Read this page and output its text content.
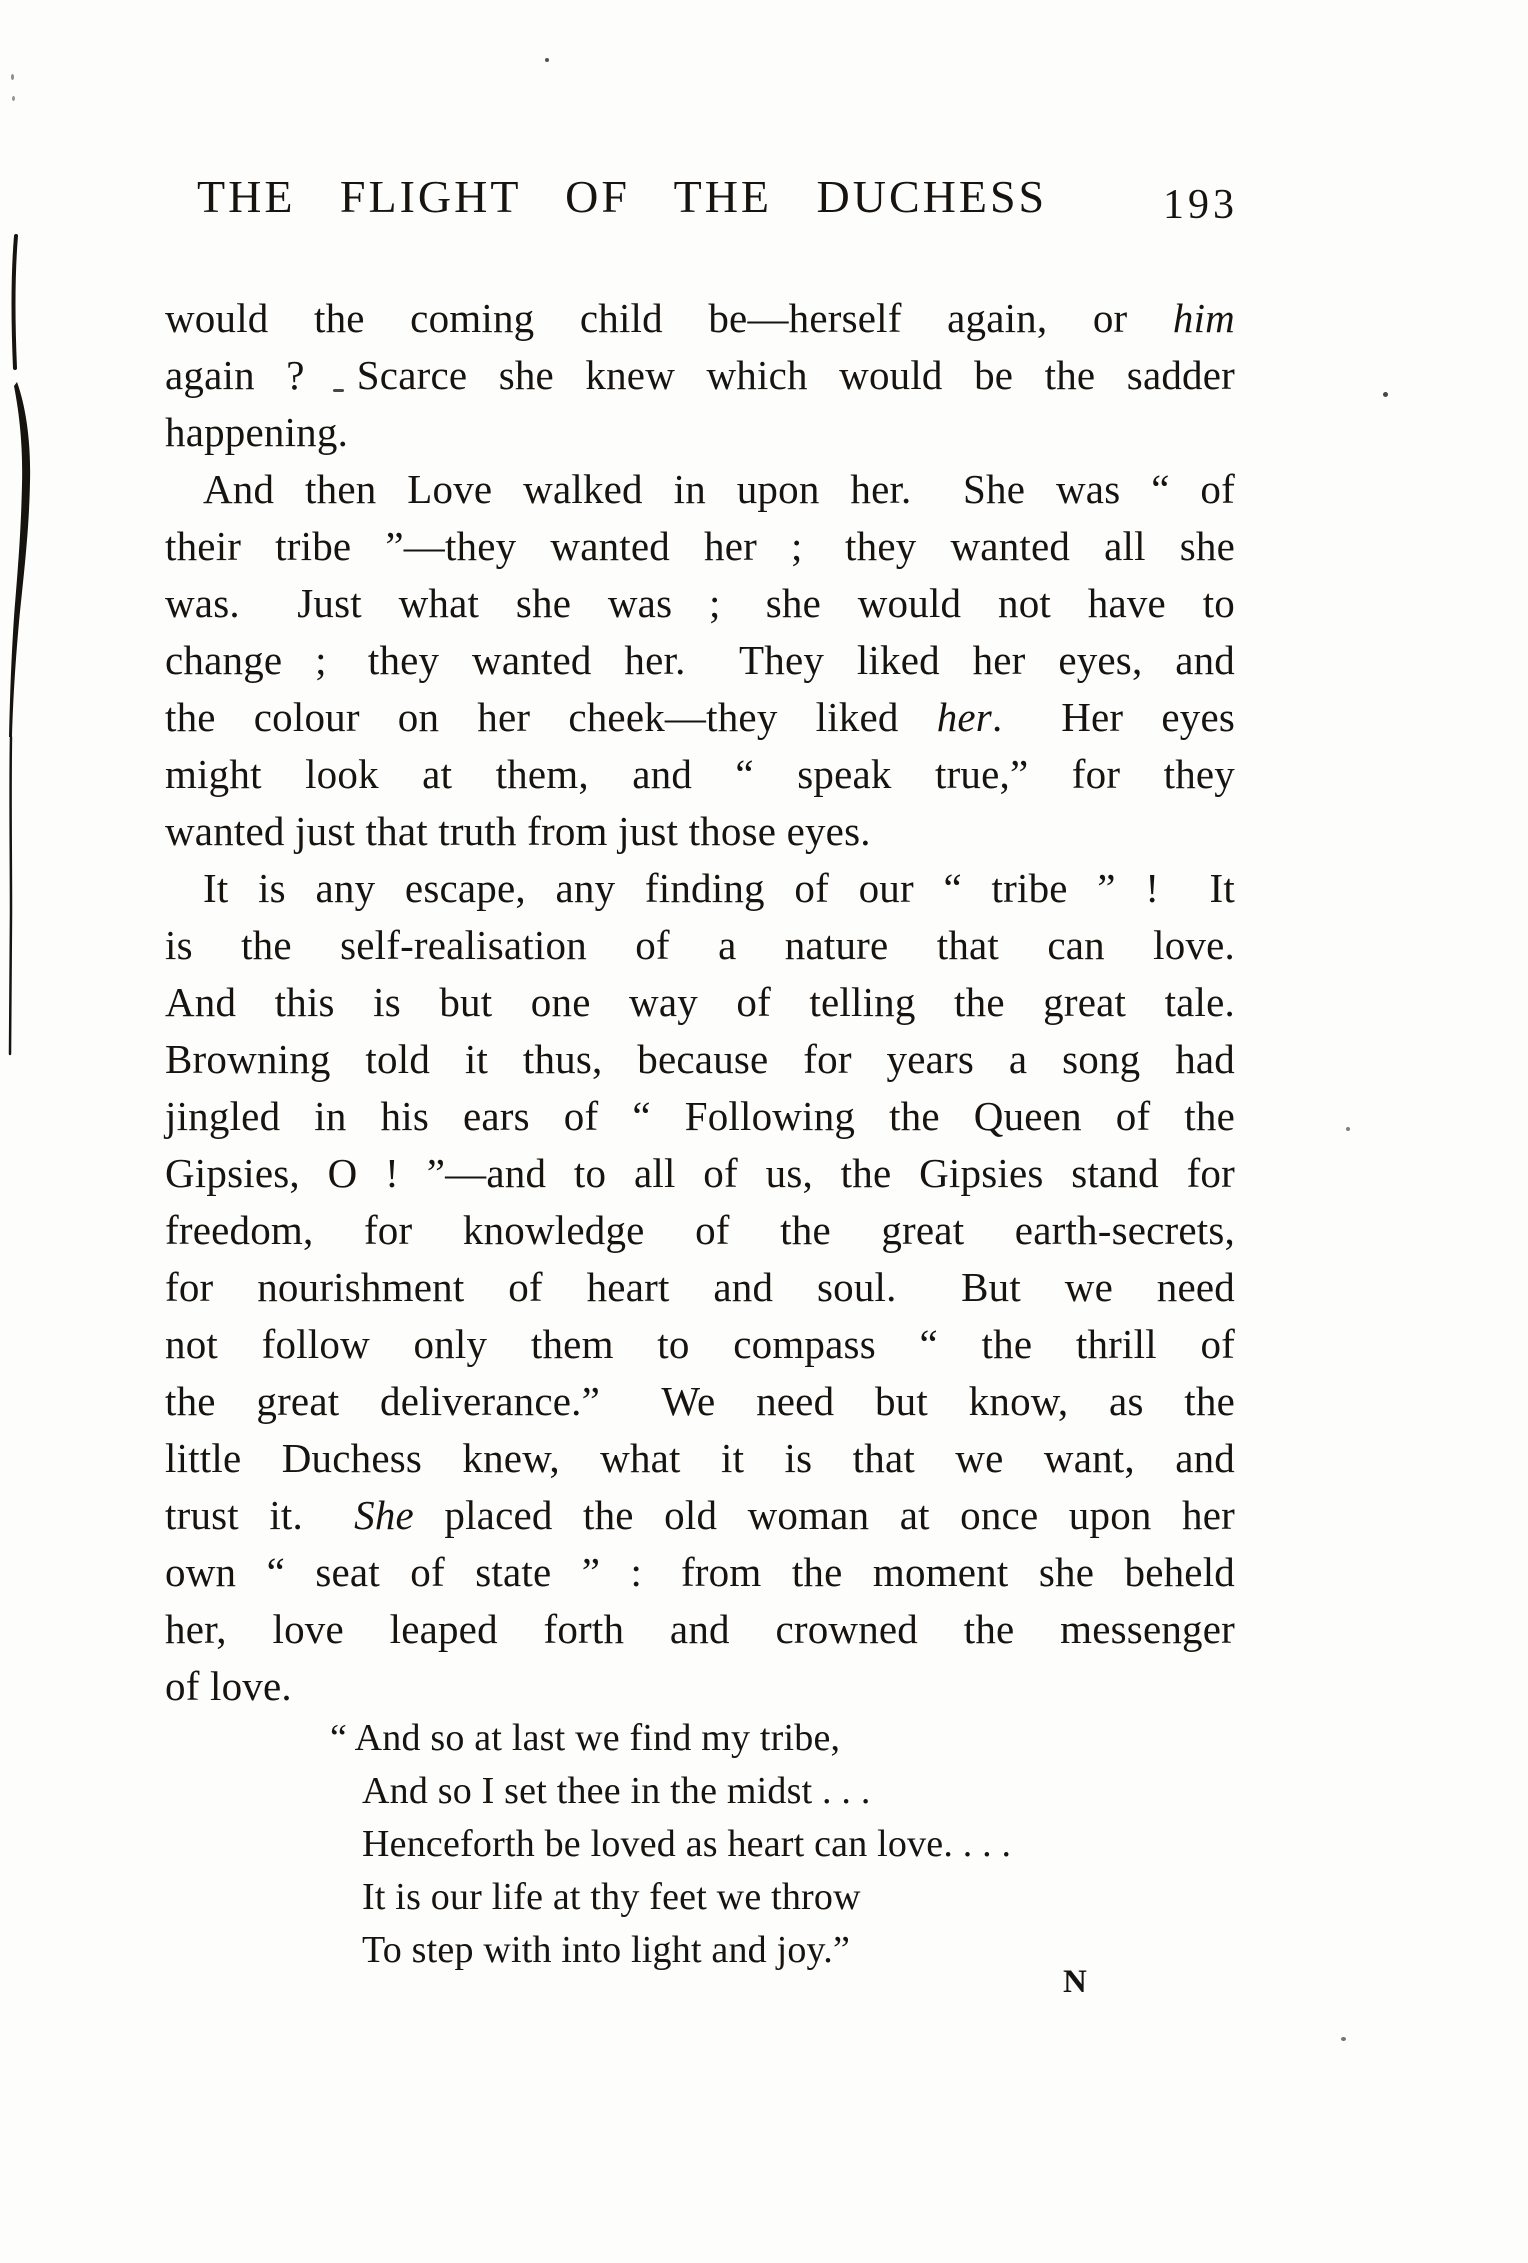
THE FLIGHT OF THE DUCHESS	193
would the coming child be—herself again, or him
again ?  Scarce she knew which would be the sadder
happening.
And then Love walked in upon her.  She was “ of
their tribe ”—they wanted her ;  they wanted all she
was.  Just what she was ;  she would not have to
change ;  they wanted her.  They liked her eyes, and
the colour on her cheek—they liked her.  Her eyes
might look at them, and “ speak true,” for they
wanted just that truth from just those eyes.
It is any escape, any finding of our “ tribe ” !  It
is the self-realisation of a nature that can love.
And this is but one way of telling the great tale.
Browning told it thus, because for years a song had
jingled in his ears of “ Following the Queen of the
Gipsies, O ! ”—and to all of us, the Gipsies stand for
freedom, for knowledge of the great earth-secrets,
for nourishment of heart and soul.  But we need
not follow only them to compass “ the thrill of
the great deliverance.”  We need but know, as the
little Duchess knew, what it is that we want, and
trust it.  She placed the old woman at once upon her
own “ seat of state ” :  from the moment she beheld
her, love leaped forth and crowned the messenger
of love.
“ And so at last we find my tribe,
And so I set thee in the midst . . .
Henceforth be loved as heart can love. . . .
It is our life at thy feet we throw
To step with into light and joy.”
N
